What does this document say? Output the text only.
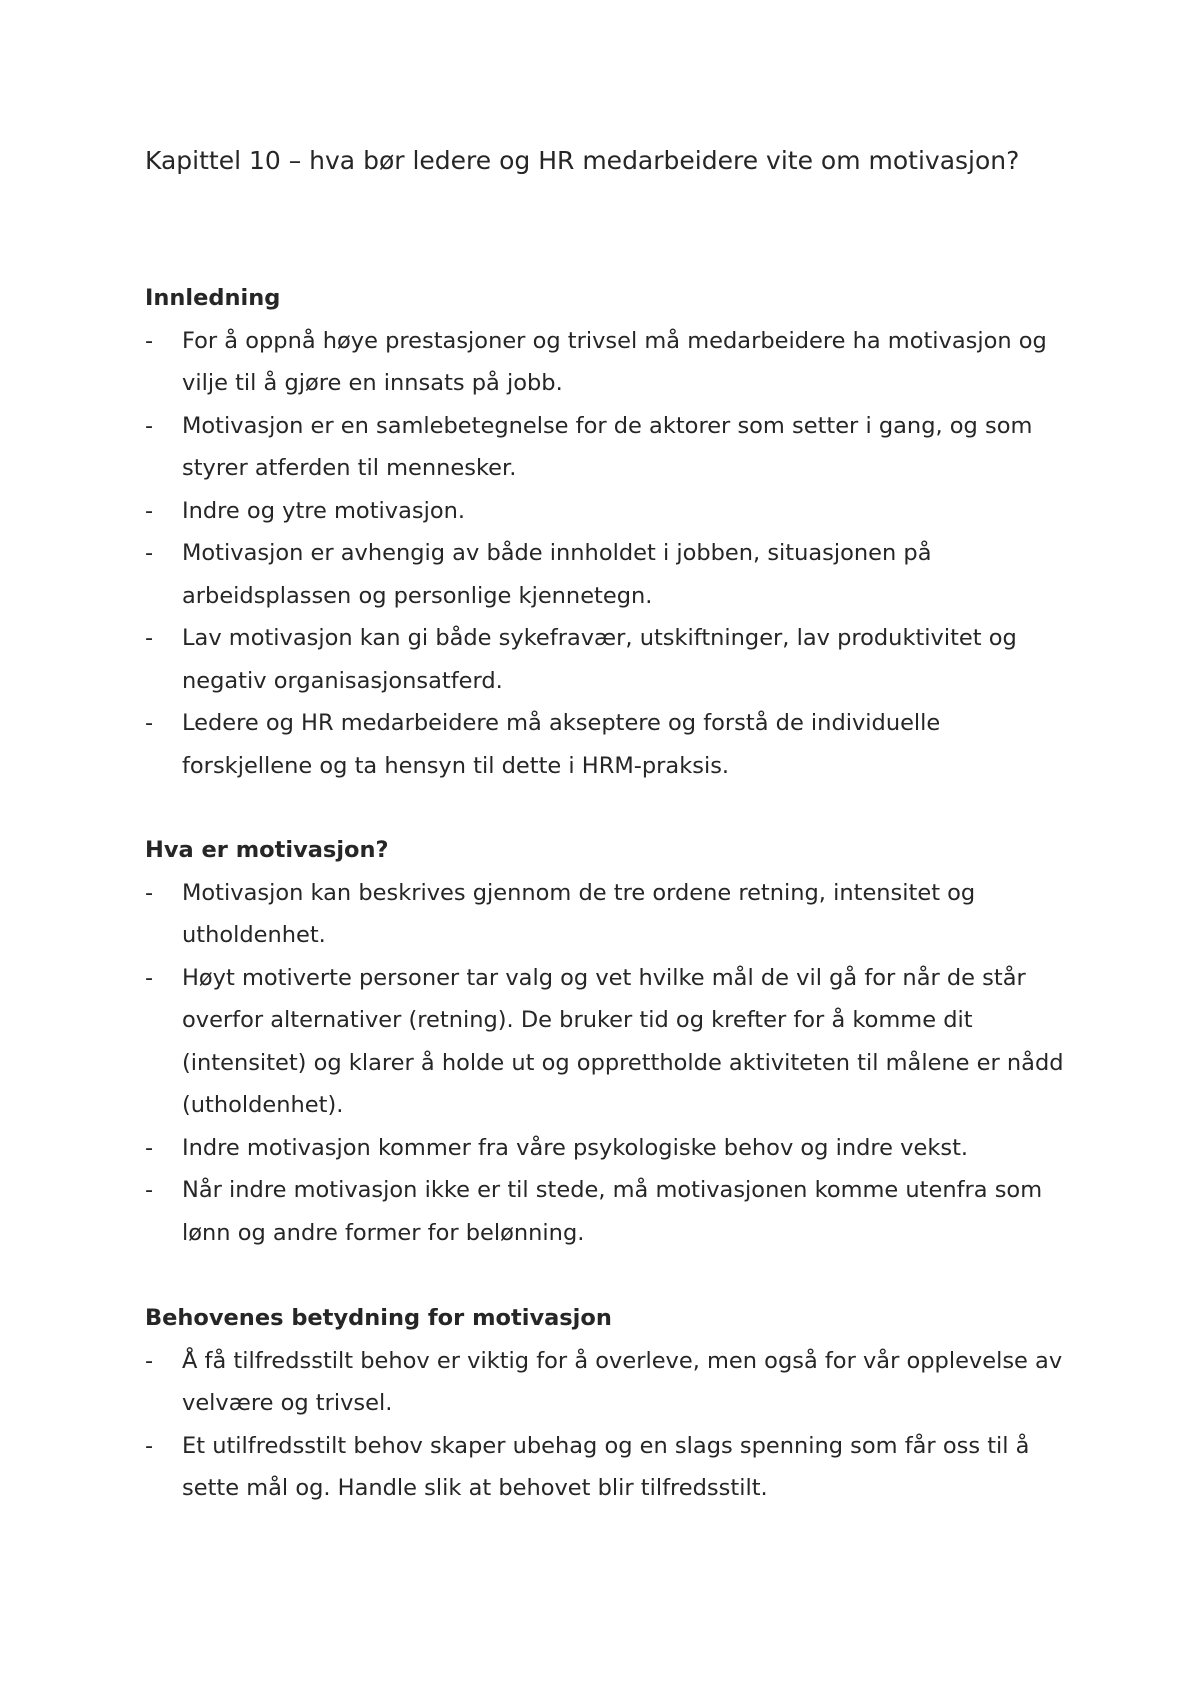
Kapittel 10 – hva bør ledere og HR medarbeidere vite om motivasjon?
Innledning
-	For å oppnå høye prestasjoner og trivsel må medarbeidere ha motivasjon og vilje til å gjøre en innsats på jobb.
-	Motivasjon er en samlebetegnelse for de aktorer som setter i gang, og som styrer atferden til mennesker.
-	Indre og ytre motivasjon.
-	Motivasjon er avhengig av både innholdet i jobben, situasjonen på arbeidsplassen og personlige kjennetegn.
-	Lav motivasjon kan gi både sykefravær, utskiftninger, lav produktivitet og negativ organisasjonsatferd.
-	Ledere og HR medarbeidere må akseptere og forstå de individuelle forskjellene og ta hensyn til dette i HRM-praksis.
Hva er motivasjon?
-	Motivasjon kan beskrives gjennom de tre ordene retning, intensitet og utholdenhet.
-	Høyt motiverte personer tar valg og vet hvilke mål de vil gå for når de står overfor alternativer (retning). De bruker tid og krefter for å komme dit (intensitet) og klarer å holde ut og opprettholde aktiviteten til målene er nådd (utholdenhet).
-	Indre motivasjon kommer fra våre psykologiske behov og indre vekst.
-	Når indre motivasjon ikke er til stede, må motivasjonen komme utenfra som lønn og andre former for belønning.
Behovenes betydning for motivasjon
-	Å få tilfredsstilt behov er viktig for å overleve, men også for vår opplevelse av velvære og trivsel.
-	Et utilfredsstilt behov skaper ubehag og en slags spenning som får oss til å sette mål og. Handle slik at behovet blir tilfredsstilt.
